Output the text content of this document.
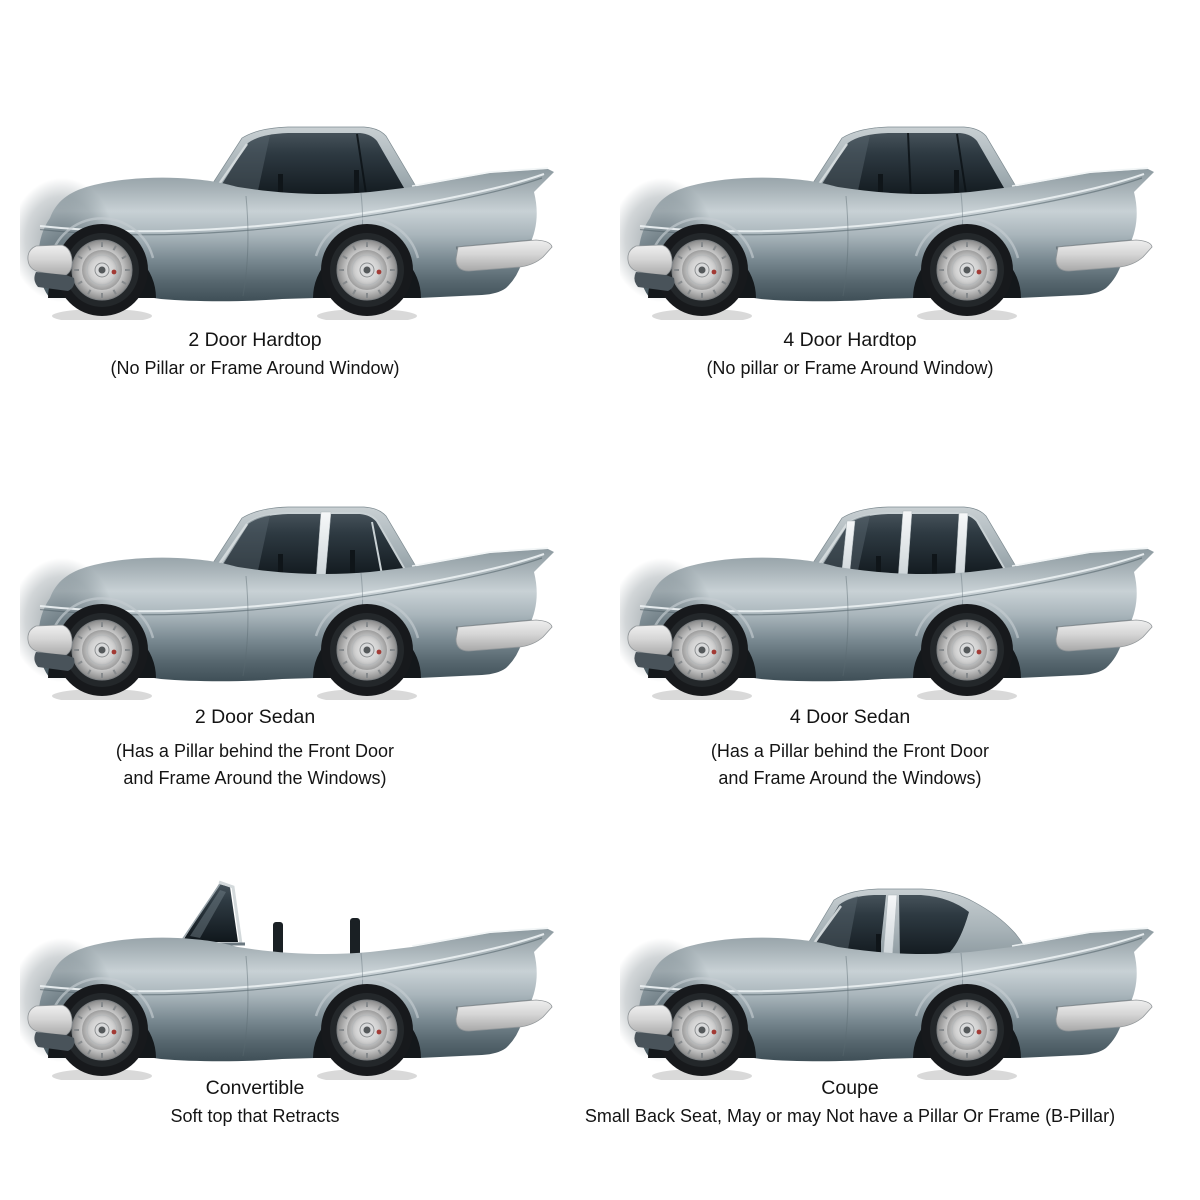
2 Door Hardtop
(No Pillar or Frame Around Window)
4 Door Hardtop
(No pillar or Frame Around Window)
2 Door Sedan
(Has a Pillar behind the Front Door
and Frame Around the Windows)
4 Door Sedan
(Has a Pillar behind the Front Door
and Frame Around the Windows)
Convertible
Soft top that Retracts
Coupe
Small Back Seat, May or may Not have a Pillar Or Frame (B-Pillar)
